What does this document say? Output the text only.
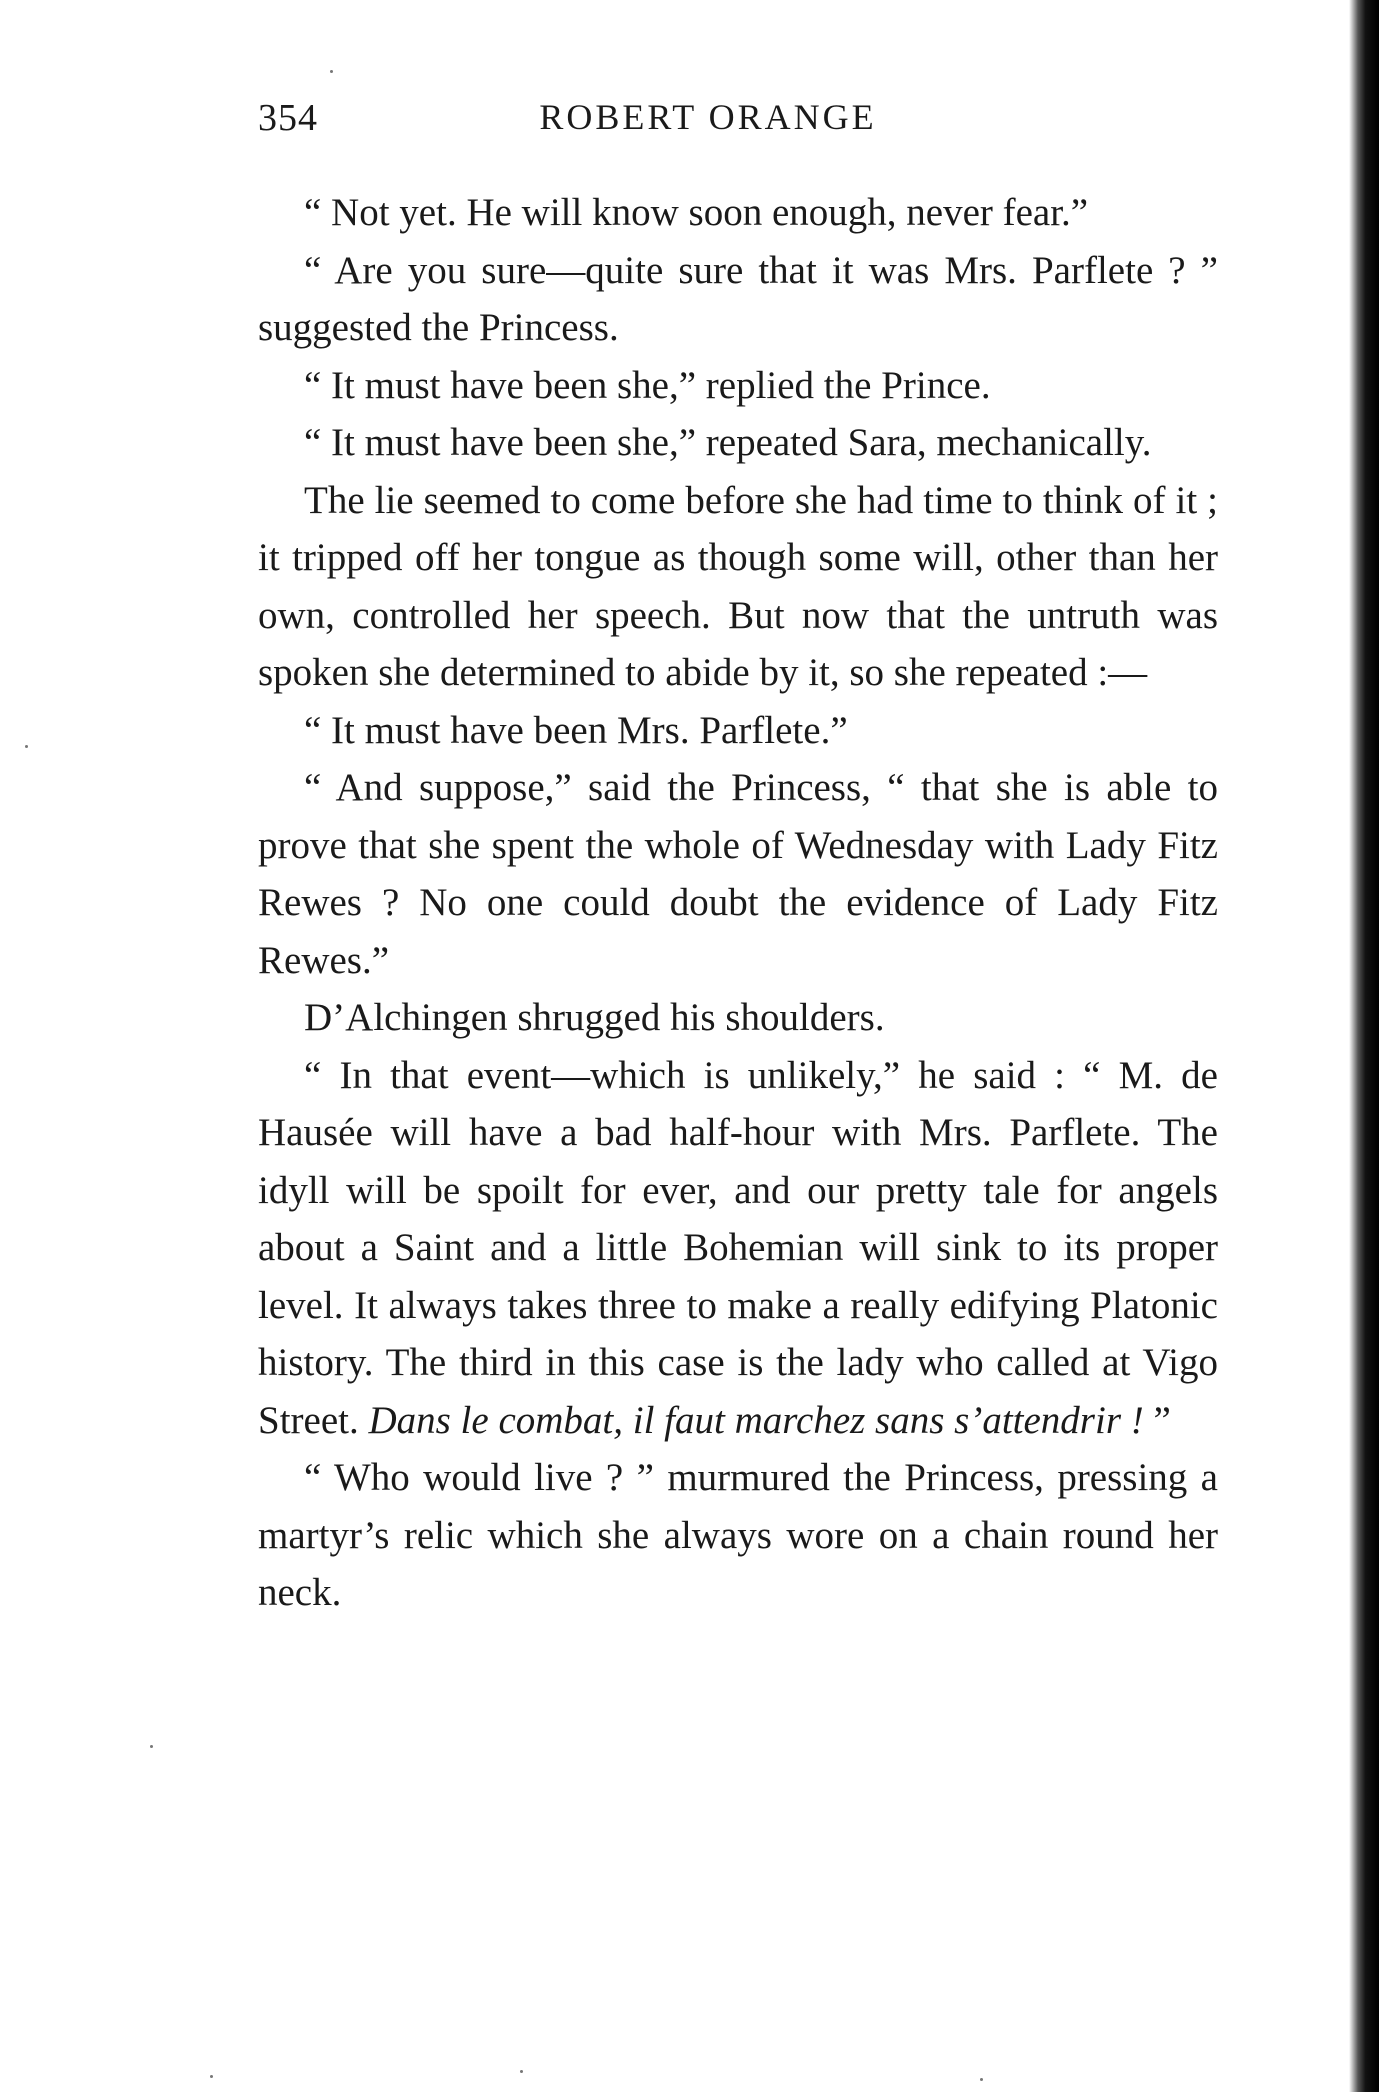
354	ROBERT ORANGE

“ Not yet. He will know soon enough, never fear.”

“ Are you sure—quite sure that it was Mrs. Parflete ? ” suggested the Princess.

“ It must have been she,” replied the Prince.

“ It must have been she,” repeated Sara, mechanically.

The lie seemed to come before she had time to think of it ; it tripped off her tongue as though some will, other than her own, controlled her speech. But now that the untruth was spoken she determined to abide by it, so she repeated :—

“ It must have been Mrs. Parflete.”

“ And suppose,” said the Princess, “ that she is able to prove that she spent the whole of Wednesday with Lady Fitz Rewes ? No one could doubt the evidence of Lady Fitz Rewes.”

D’Alchingen shrugged his shoulders.

“ In that event—which is unlikely,” he said : “ M. de Hausée will have a bad half-hour with Mrs. Parflete. The idyll will be spoilt for ever, and our pretty tale for angels about a Saint and a little Bohemian will sink to its proper level. It always takes three to make a really edifying Platonic history. The third in this case is the lady who called at Vigo Street. Dans le combat, il faut marchez sans s’attendrir ! ”

“ Who would live ? ” murmured the Princess, pressing a martyr’s relic which she always wore on a chain round her neck.
